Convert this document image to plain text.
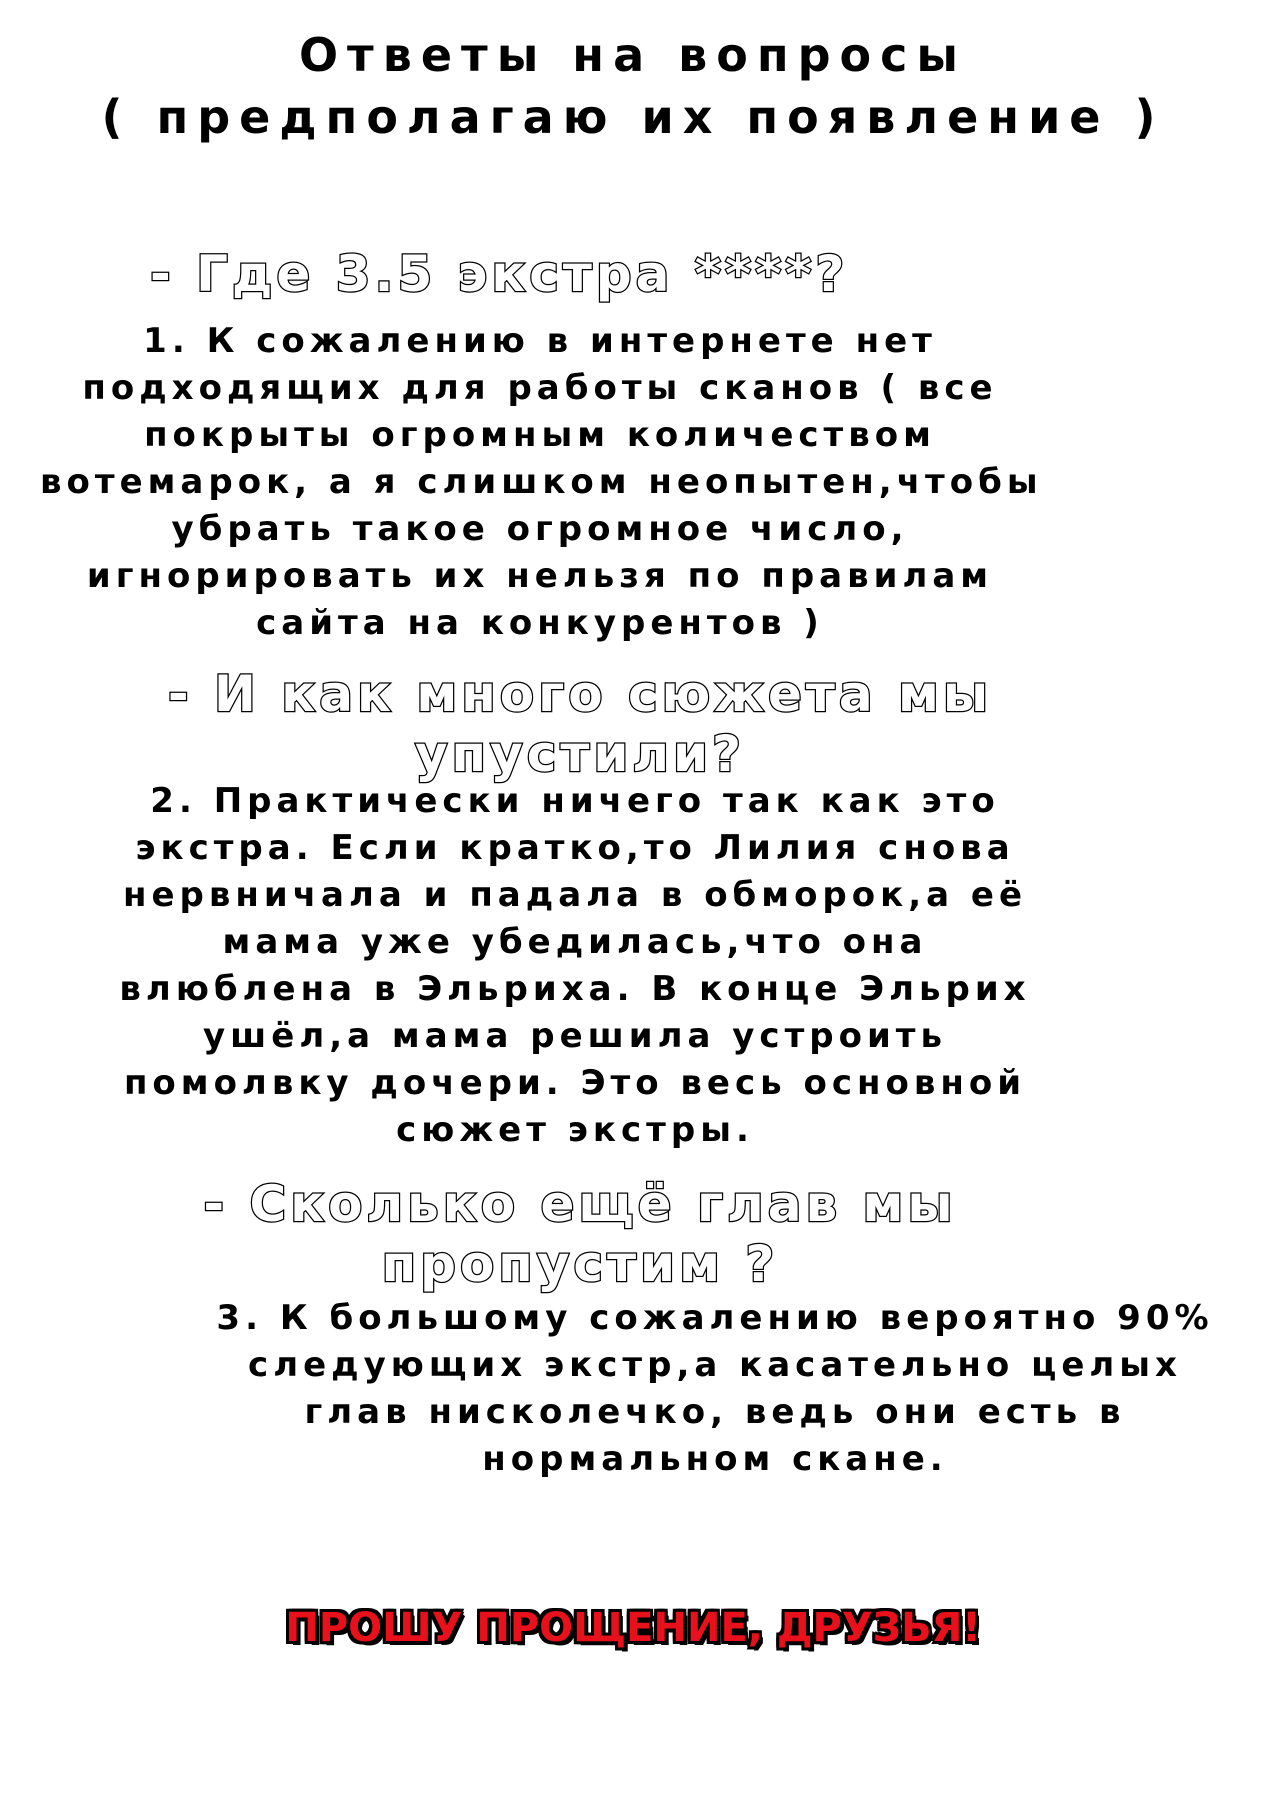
Ответы на вопросы
( предполагаю их появление )
- Где 3.5 экстра ****?
1. К сожалению в интернете нет
подходящих для работы сканов ( все
покрыты огромным количеством
вотемарок, а я слишком неопытен,чтобы
убрать такое огромное число,
игнорировать их нельзя по правилам
сайта на конкурентов )
- И как много сюжета мы
упустили?
2. Практически ничего так как это
экстра. Если кратко,то Лилия снова
нервничала и падала в обморок,а её
мама уже убедилась,что она
влюблена в Эльриха. В конце Эльрих
ушёл,а мама решила устроить
помолвку дочери. Это весь основной
сюжет экстры.
- Сколько ещё глав мы
пропустим ?
3. К большому сожалению вероятно 90%
следующих экстр,а касательно целых
глав нисколечко, ведь они есть в
нормальном скане.
ПРОШУ ПРОЩЕНИЕ, ДРУЗЬЯ!
